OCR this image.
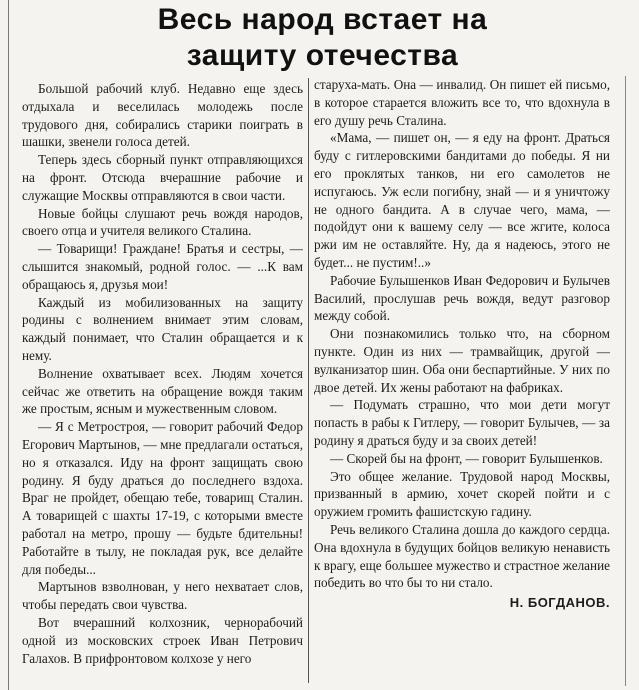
Весь народ встает на
защиту отечества

Большой рабочий клуб. Недавно еще здесь отдыхала и веселилась молодежь после трудового дня, собирались старики поиграть в шашки, звенели голоса детей.

Теперь здесь сборный пункт отправляющихся на фронт. Отсюда вчерашние рабочие и служащие Москвы отправляются в свои части.

Новые бойцы слушают речь вождя народов, своего отца и учителя великого Сталина.

— Товарищи! Граждане! Братья и сестры, — слышится знакомый, родной голос. — ...К вам обращаюсь я, друзья мои!

Каждый из мобилизованных на защиту родины с волнением внимает этим словам, каждый понимает, что Сталин обращается и к нему.

Волнение охватывает всех. Людям хочется сейчас же ответить на обращение вождя таким же простым, ясным и мужественным словом.

— Я с Метростроя, — говорит рабочий Федор Егорович Мартынов, — мне предлагали остаться, но я отказался. Иду на фронт защищать свою родину. Я буду драться до последнего вздоха. Враг не пройдет, обещаю тебе, товарищ Сталин. А товарищей с шахты 17-19, с которыми вместе работал на метро, прошу — будьте бдительны! Работайте в тылу, не покладая рук, все делайте для победы...

Мартынов взволнован, у него нехватает слов, чтобы передать свои чувства.

Вот вчерашний колхозник, чернорабочий одной из московских строек Иван Петрович Галахов. В прифронтовом колхозе у него

старуха-мать. Она — инвалид. Он пишет ей письмо, в которое старается вложить все то, что вдохнула в его душу речь Сталина.

«Мама, — пишет он, — я еду на фронт. Драться буду с гитлеровскими бандитами до победы. Я ни его проклятых танков, ни его самолетов не испугаюсь. Уж если погибну, знай — и я уничтожу не одного бандита. А в случае чего, мама, — подойдут они к вашему селу — все жгите, колоса ржи им не оставляйте. Ну, да я надеюсь, этого не будет... не пустим!..»

Рабочие Булышенков Иван Федорович и Булычев Василий, прослушав речь вождя, ведут разговор между собой.

Они познакомились только что, на сборном пункте. Один из них — трамвайщик, другой — вулканизатор шин. Оба они беспартийные. У них по двое детей. Их жены работают на фабриках.

— Подумать страшно, что мои дети могут попасть в рабы к Гитлеру, — говорит Булычев, — за родину я драться буду и за своих детей!

— Скорей бы на фронт, — говорит Булышенков.

Это общее желание. Трудовой народ Москвы, призванный в армию, хочет скорей пойти и с оружием громить фашистскую гадину.

Речь великого Сталина дошла до каждого сердца. Она вдохнула в будущих бойцов великую ненависть к врагу, еще большее мужество и страстное желание победить во что бы то ни стало.

Н. БОГДАНОВ.
